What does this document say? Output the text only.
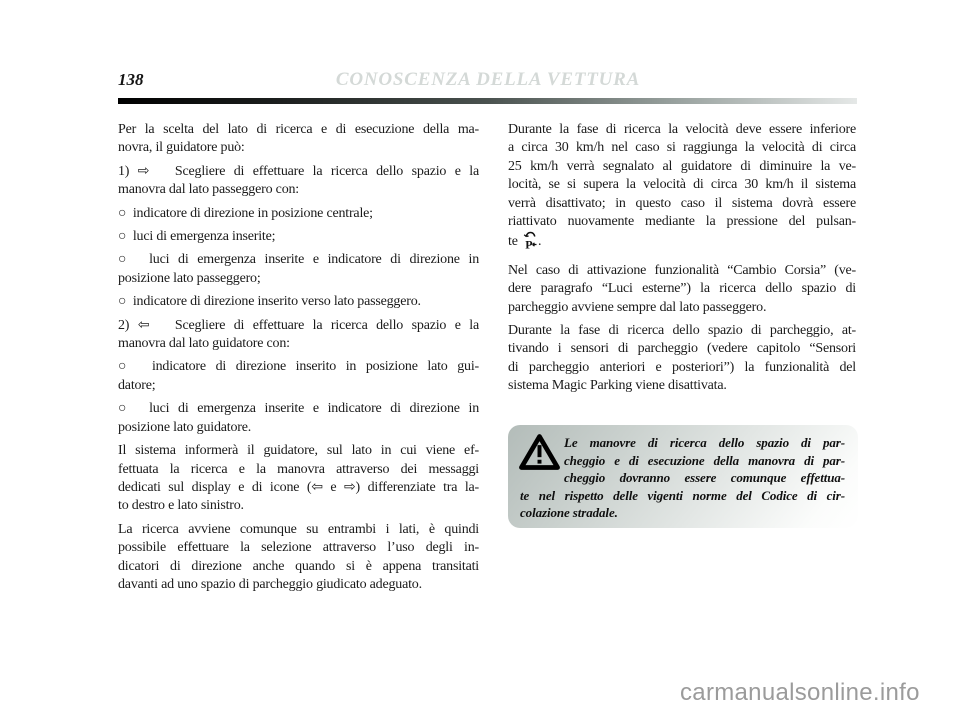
138	CONOSCENZA DELLA VETTURA
Per la scelta del lato di ricerca e di esecuzione della ma-
novra, il guidatore può:
1) ⇨   Scegliere di effettuare la ricerca dello spazio e la
manovra dal lato passeggero con:
○  indicatore di direzione in posizione centrale;
○  luci di emergenza inserite;
○  luci di emergenza inserite e indicatore di direzione in
posizione lato passeggero;
○  indicatore di direzione inserito verso lato passeggero.
2) ⇦   Scegliere di effettuare la ricerca dello spazio e la
manovra dal lato guidatore con:
○  indicatore di direzione inserito in posizione lato gui-
datore;
○  luci di emergenza inserite e indicatore di direzione in
posizione lato guidatore.
Il sistema informerà il guidatore, sul lato in cui viene ef-
fettuata la ricerca e la manovra attraverso dei messaggi
dedicati sul display e di icone (⇦ e ⇨) differenziate tra la-
to destro e lato sinistro.
La ricerca avviene comunque su entrambi i lati, è quindi
possibile effettuare la selezione attraverso l’uso degli in-
dicatori di direzione anche quando si è appena transitati
davanti ad uno spazio di parcheggio giudicato adeguato.
Durante la fase di ricerca la velocità deve essere inferiore
a circa 30 km/h nel caso si raggiunga la velocità di circa
25 km/h verrà segnalato al guidatore di diminuire la ve-
locità, se si supera la velocità di circa 30 km/h il sistema
verrà disattivato; in questo caso il sistema dovrà essere
riattivato nuovamente mediante la pressione del pulsan-
te P .
Nel caso di attivazione funzionalità “Cambio Corsia” (ve-
dere paragrafo “Luci esterne”) la ricerca dello spazio di
parcheggio avviene sempre dal lato passeggero.
Durante la fase di ricerca dello spazio di parcheggio, at-
tivando i sensori di parcheggio (vedere capitolo “Sensori
di parcheggio anteriori e posteriori”) la funzionalità del
sistema Magic Parking viene disattivata.
Le manovre di ricerca dello spazio di par-
cheggio e di esecuzione della manovra di par-
cheggio dovranno essere comunque effettua-
te nel rispetto delle vigenti norme del Codice di cir-
colazione stradale.
carmanualsonline.info
